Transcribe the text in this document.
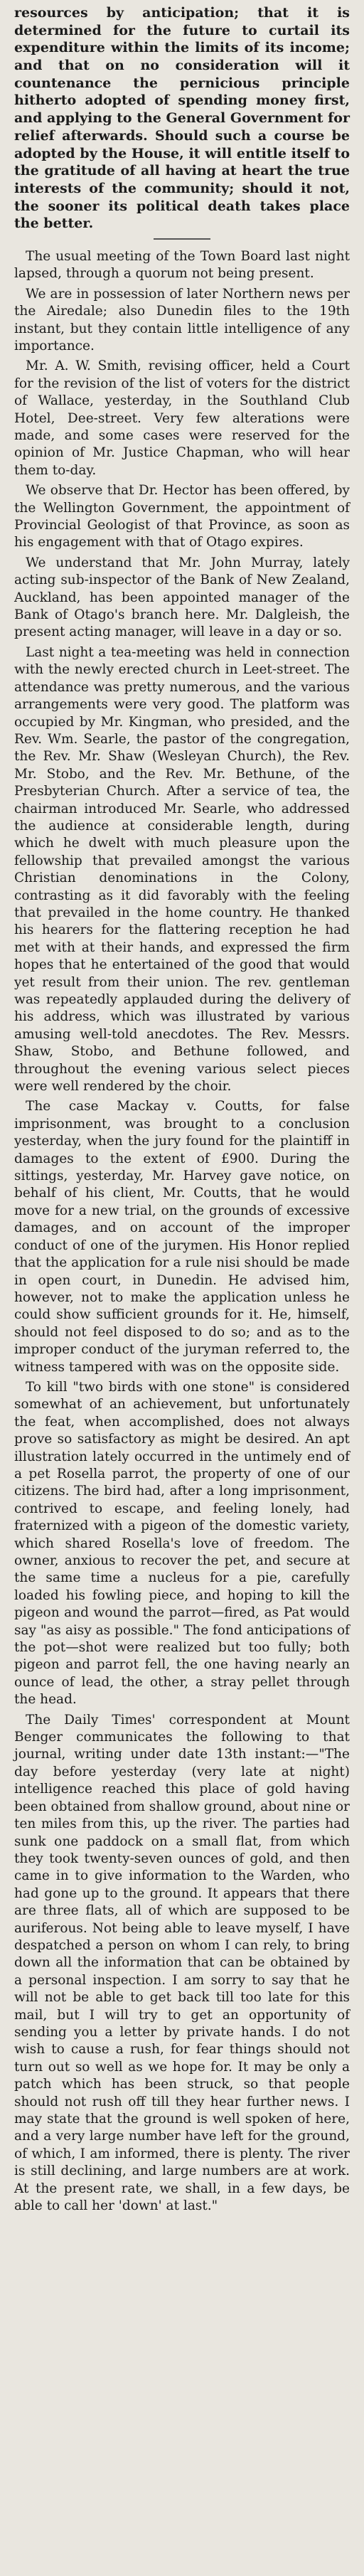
resources by anticipation; that it is determined for the future to curtail its expenditure within the limits of its income; and that on no consideration will it countenance the pernicious principle hitherto adopted of spending money first, and applying to the General Government for relief afterwards. Should such a course be adopted by the House, it will entitle itself to the gratitude of all having at heart the true interests of the community; should it not, the sooner its political death takes place the better.

The usual meeting of the Town Board last night lapsed, through a quorum not being present.

We are in possession of later Northern news per the Airedale; also Dunedin files to the 19th instant, but they contain little intelligence of any importance.

Mr. A. W. Smith, revising officer, held a Court for the revision of the list of voters for the district of Wallace, yesterday, in the Southland Club Hotel, Dee-street. Very few alterations were made, and some cases were reserved for the opinion of Mr. Justice Chapman, who will hear them to-day.

We observe that Dr. Hector has been offered, by the Wellington Government, the appointment of Provincial Geologist of that Province, as soon as his engagement with that of Otago expires.

We understand that Mr. John Murray, lately acting sub-inspector of the Bank of New Zealand, Auckland, has been appointed manager of the Bank of Otago's branch here. Mr. Dalgleish, the present acting manager, will leave in a day or so.

Last night a tea-meeting was held in connection with the newly erected church in Leet-street. The attendance was pretty numerous, and the various arrangements were very good. The platform was occupied by Mr. Kingman, who presided, and the Rev. Wm. Searle, the pastor of the congregation, the Rev. Mr. Shaw (Wesleyan Church), the Rev. Mr. Stobo, and the Rev. Mr. Bethune, of the Presbyterian Church. After a service of tea, the chairman introduced Mr. Searle, who addressed the audience at considerable length, during which he dwelt with much pleasure upon the fellowship that prevailed amongst the various Christian denominations in the Colony, contrasting as it did favorably with the feeling that prevailed in the home country. He thanked his hearers for the flattering reception he had met with at their hands, and expressed the firm hopes that he entertained of the good that would yet result from their union. The rev. gentleman was repeatedly applauded during the delivery of his address, which was illustrated by various amusing well-told anecdotes. The Rev. Messrs. Shaw, Stobo, and Bethune followed, and throughout the evening various select pieces were well rendered by the choir.

The case Mackay v. Coutts, for false imprisonment, was brought to a conclusion yesterday, when the jury found for the plaintiff in damages to the extent of £900. During the sittings, yesterday, Mr. Harvey gave notice, on behalf of his client, Mr. Coutts, that he would move for a new trial, on the grounds of excessive damages, and on account of the improper conduct of one of the jurymen. His Honor replied that the application for a rule nisi should be made in open court, in Dunedin. He advised him, however, not to make the application unless he could show sufficient grounds for it. He, himself, should not feel disposed to do so; and as to the improper conduct of the juryman referred to, the witness tampered with was on the opposite side.

To kill "two birds with one stone" is considered somewhat of an achievement, but unfortunately the feat, when accomplished, does not always prove so satisfactory as might be desired. An apt illustration lately occurred in the untimely end of a pet Rosella parrot, the property of one of our citizens. The bird had, after a long imprisonment, contrived to escape, and feeling lonely, had fraternized with a pigeon of the domestic variety, which shared Rosella's love of freedom. The owner, anxious to recover the pet, and secure at the same time a nucleus for a pie, carefully loaded his fowling piece, and hoping to kill the pigeon and wound the parrot—fired, as Pat would say "as aisy as possible." The fond anticipations of the pot—shot were realized but too fully; both pigeon and parrot fell, the one having nearly an ounce of lead, the other, a stray pellet through the head.

The Daily Times' correspondent at Mount Benger communicates the following to that journal, writing under date 13th instant:—"The day before yesterday (very late at night) intelligence reached this place of gold having been obtained from shallow ground, about nine or ten miles from this, up the river. The parties had sunk one paddock on a small flat, from which they took twenty-seven ounces of gold, and then came in to give information to the Warden, who had gone up to the ground. It appears that there are three flats, all of which are supposed to be auriferous. Not being able to leave myself, I have despatched a person on whom I can rely, to bring down all the information that can be obtained by a personal inspection. I am sorry to say that he will not be able to get back till too late for this mail, but I will try to get an opportunity of sending you a letter by private hands. I do not wish to cause a rush, for fear things should not turn out so well as we hope for. It may be only a patch which has been struck, so that people should not rush off till they hear further news. I may state that the ground is well spoken of here, and a very large number have left for the ground, of which, I am informed, there is plenty. The river is still declining, and large numbers are at work. At the present rate, we shall, in a few days, be able to call her 'down' at last."
